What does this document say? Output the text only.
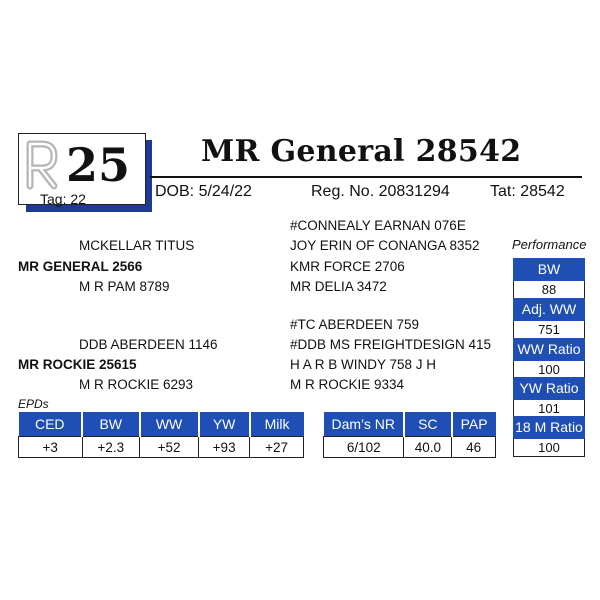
25
Tag: 22
MR General 28542
DOB: 5/24/22	Reg. No. 20831294	Tat: 28542
MCKELLAR TITUS
MR GENERAL 2566
M R PAM 8789
#CONNEALY EARNAN 076E
JOY ERIN OF CONANGA 8352
KMR FORCE 2706
MR DELIA 3472
DDB ABERDEEN 1146
MR ROCKIE 25615
M R ROCKIE 6293
#TC ABERDEEN 759
#DDB MS FREIGHTDESIGN 415
H A R B WINDY 758 J H
M R ROCKIE 9334
Performance
BW
88
Adj. WW
751
WW Ratio
100
YW Ratio
101
18 M Ratio
100
EPDs
CED	BW	WW	YW	Milk
+3	+2.3	+52	+93	+27
Dam’s NR	SC	PAP
6/102	40.0	46
